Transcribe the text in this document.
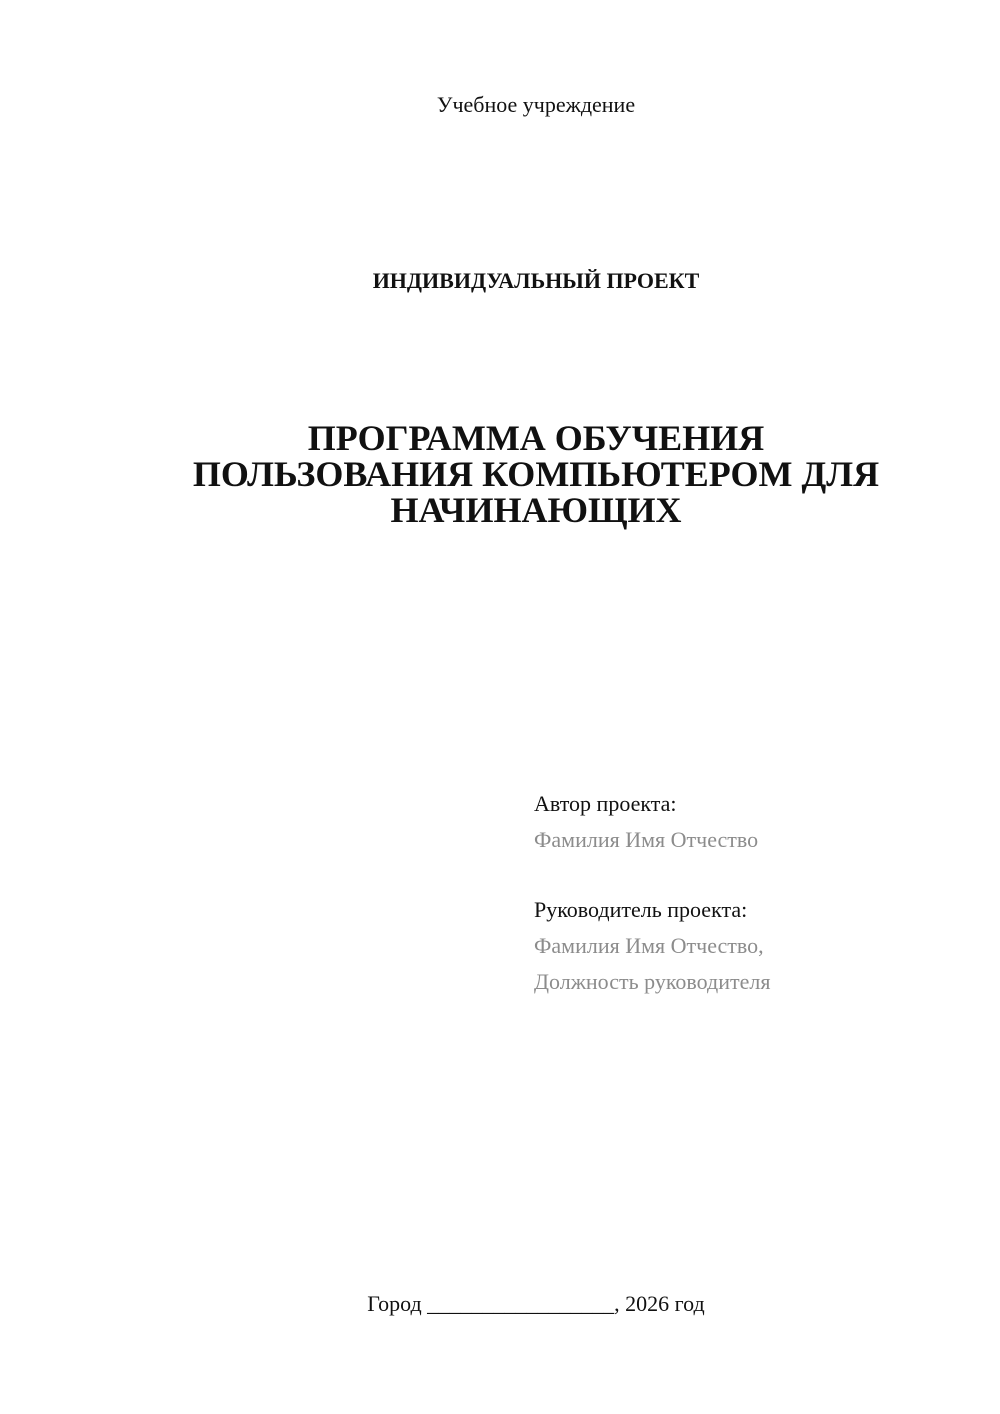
Учебное учреждение
ИНДИВИДУАЛЬНЫЙ ПРОЕКТ
ПРОГРАММА ОБУЧЕНИЯ
ПОЛЬЗОВАНИЯ КОМПЬЮТЕРОМ ДЛЯ
НАЧИНАЮЩИХ
Автор проекта:
Фамилия Имя Отчество
Руководитель проекта:
Фамилия Имя Отчество,
Должность руководителя
Город _________________, 2026 год
